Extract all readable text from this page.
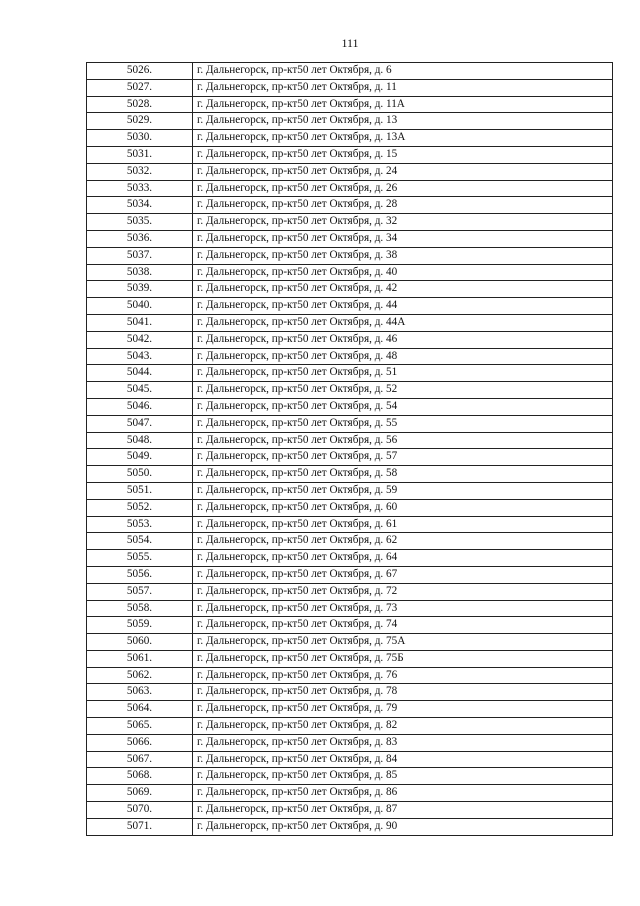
111
5026.	г. Дальнегорск, пр-кт50 лет Октября, д. 6
5027.	г. Дальнегорск, пр-кт50 лет Октября, д. 11
5028.	г. Дальнегорск, пр-кт50 лет Октября, д. 11А
5029.	г. Дальнегорск, пр-кт50 лет Октября, д. 13
5030.	г. Дальнегорск, пр-кт50 лет Октября, д. 13А
5031.	г. Дальнегорск, пр-кт50 лет Октября, д. 15
5032.	г. Дальнегорск, пр-кт50 лет Октября, д. 24
5033.	г. Дальнегорск, пр-кт50 лет Октября, д. 26
5034.	г. Дальнегорск, пр-кт50 лет Октября, д. 28
5035.	г. Дальнегорск, пр-кт50 лет Октября, д. 32
5036.	г. Дальнегорск, пр-кт50 лет Октября, д. 34
5037.	г. Дальнегорск, пр-кт50 лет Октября, д. 38
5038.	г. Дальнегорск, пр-кт50 лет Октября, д. 40
5039.	г. Дальнегорск, пр-кт50 лет Октября, д. 42
5040.	г. Дальнегорск, пр-кт50 лет Октября, д. 44
5041.	г. Дальнегорск, пр-кт50 лет Октября, д. 44А
5042.	г. Дальнегорск, пр-кт50 лет Октября, д. 46
5043.	г. Дальнегорск, пр-кт50 лет Октября, д. 48
5044.	г. Дальнегорск, пр-кт50 лет Октября, д. 51
5045.	г. Дальнегорск, пр-кт50 лет Октября, д. 52
5046.	г. Дальнегорск, пр-кт50 лет Октября, д. 54
5047.	г. Дальнегорск, пр-кт50 лет Октября, д. 55
5048.	г. Дальнегорск, пр-кт50 лет Октября, д. 56
5049.	г. Дальнегорск, пр-кт50 лет Октября, д. 57
5050.	г. Дальнегорск, пр-кт50 лет Октября, д. 58
5051.	г. Дальнегорск, пр-кт50 лет Октября, д. 59
5052.	г. Дальнегорск, пр-кт50 лет Октября, д. 60
5053.	г. Дальнегорск, пр-кт50 лет Октября, д. 61
5054.	г. Дальнегорск, пр-кт50 лет Октября, д. 62
5055.	г. Дальнегорск, пр-кт50 лет Октября, д. 64
5056.	г. Дальнегорск, пр-кт50 лет Октября, д. 67
5057.	г. Дальнегорск, пр-кт50 лет Октября, д. 72
5058.	г. Дальнегорск, пр-кт50 лет Октября, д. 73
5059.	г. Дальнегорск, пр-кт50 лет Октября, д. 74
5060.	г. Дальнегорск, пр-кт50 лет Октября, д. 75А
5061.	г. Дальнегорск, пр-кт50 лет Октября, д. 75Б
5062.	г. Дальнегорск, пр-кт50 лет Октября, д. 76
5063.	г. Дальнегорск, пр-кт50 лет Октября, д. 78
5064.	г. Дальнегорск, пр-кт50 лет Октября, д. 79
5065.	г. Дальнегорск, пр-кт50 лет Октября, д. 82
5066.	г. Дальнегорск, пр-кт50 лет Октября, д. 83
5067.	г. Дальнегорск, пр-кт50 лет Октября, д. 84
5068.	г. Дальнегорск, пр-кт50 лет Октября, д. 85
5069.	г. Дальнегорск, пр-кт50 лет Октября, д. 86
5070.	г. Дальнегорск, пр-кт50 лет Октября, д. 87
5071.	г. Дальнегорск, пр-кт50 лет Октября, д. 90
